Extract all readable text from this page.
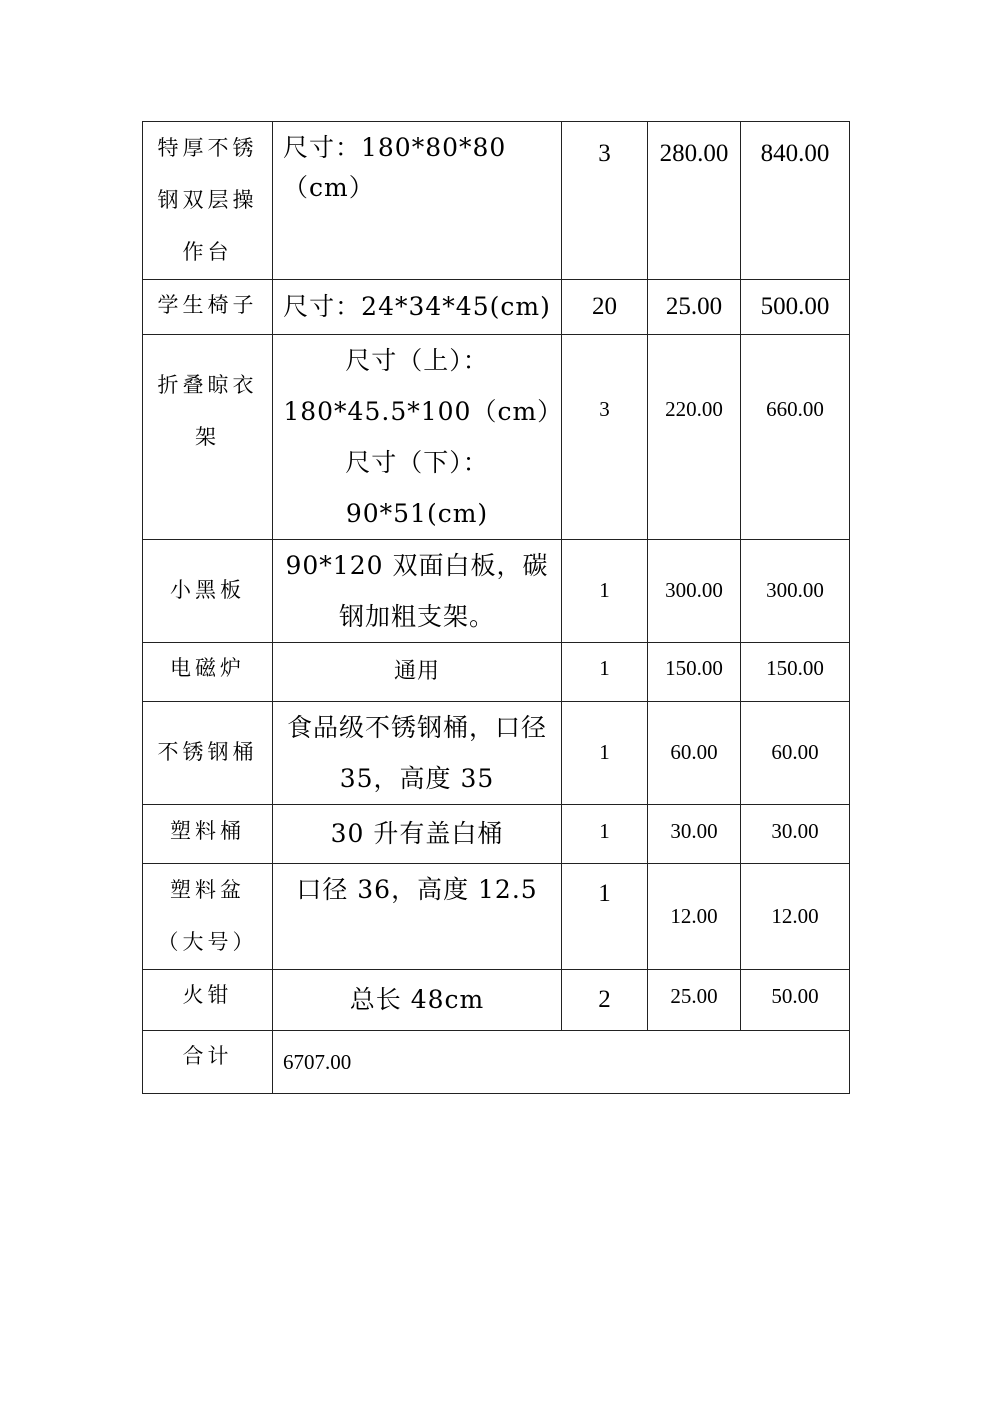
特厚不锈钢双层操作台	尺寸：180*80*80（cm）	3	280.00	840.00

学生椅子	尺寸：24*34*45(cm)	20	25.00	500.00

折叠晾衣架	尺寸（上）：180*45.5*100（cm）尺寸（下）：90*51(cm)	3	220.00	660.00

小黑板	90*120 双面白板，碳钢加粗支架。	1	300.00	300.00

电磁炉	通用	1	150.00	150.00

不锈钢桶	食品级不锈钢桶，口径35，高度 35	1	60.00	60.00

塑料桶	30 升有盖白桶	1	30.00	30.00

塑料盆（大号）	口径 36，高度 12.5	1	12.00	12.00

火钳	总长 48cm	2	25.00	50.00

合计	6707.00			
